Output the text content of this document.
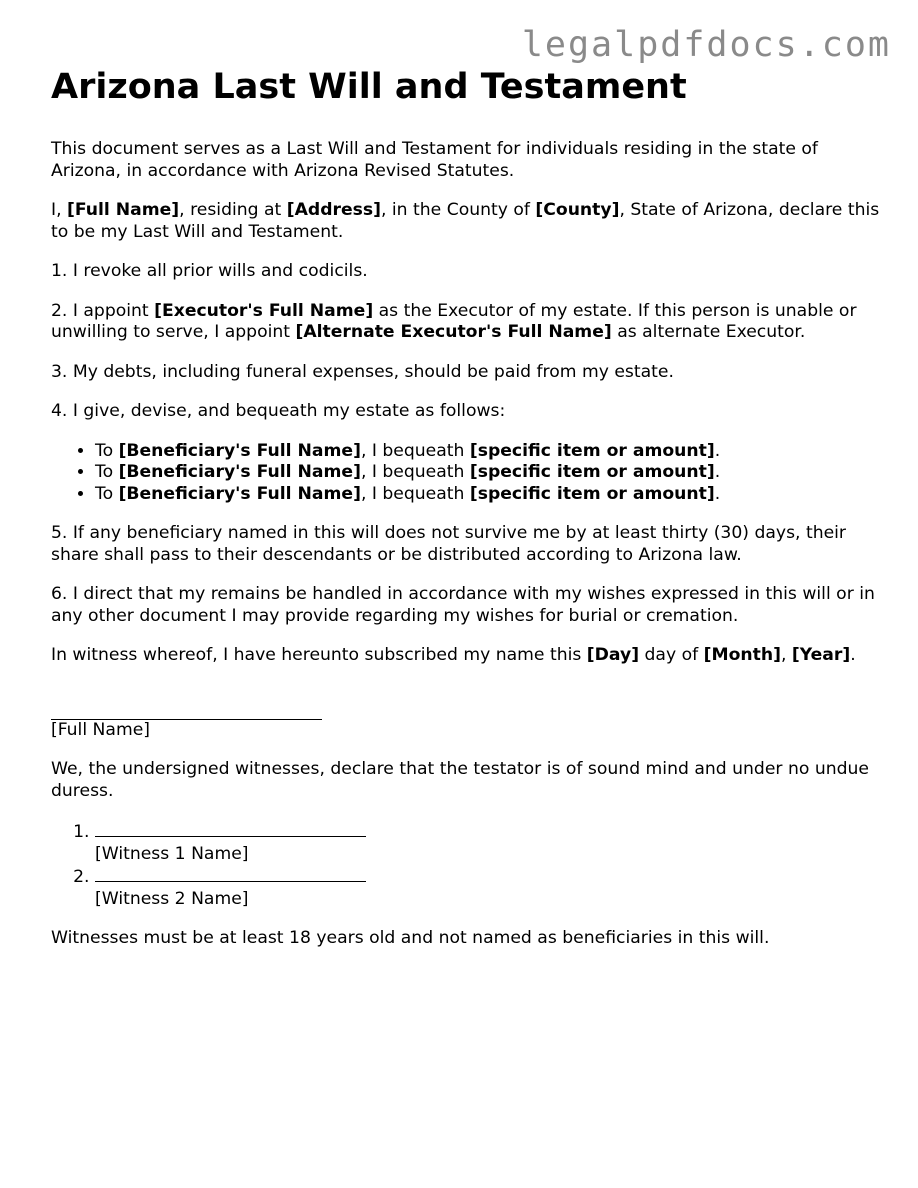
legalpdfdocs.com
Arizona Last Will and Testament

This document serves as a Last Will and Testament for individuals residing in the state of Arizona, in accordance with Arizona Revised Statutes.

I, [Full Name], residing at [Address], in the County of [County], State of Arizona, declare this to be my Last Will and Testament.

1. I revoke all prior wills and codicils.

2. I appoint [Executor's Full Name] as the Executor of my estate. If this person is unable or unwilling to serve, I appoint [Alternate Executor's Full Name] as alternate Executor.

3. My debts, including funeral expenses, should be paid from my estate.

4. I give, devise, and bequeath my estate as follows:

• To [Beneficiary's Full Name], I bequeath [specific item or amount].
• To [Beneficiary's Full Name], I bequeath [specific item or amount].
• To [Beneficiary's Full Name], I bequeath [specific item or amount].

5. If any beneficiary named in this will does not survive me by at least thirty (30) days, their share shall pass to their descendants or be distributed according to Arizona law.

6. I direct that my remains be handled in accordance with my wishes expressed in this will or in any other document I may provide regarding my wishes for burial or cremation.

In witness whereof, I have hereunto subscribed my name this [Day] day of [Month], [Year].

[Full Name]

We, the undersigned witnesses, declare that the testator is of sound mind and under no undue duress.

1. [Witness 1 Name]

2. [Witness 2 Name]

Witnesses must be at least 18 years old and not named as beneficiaries in this will.
